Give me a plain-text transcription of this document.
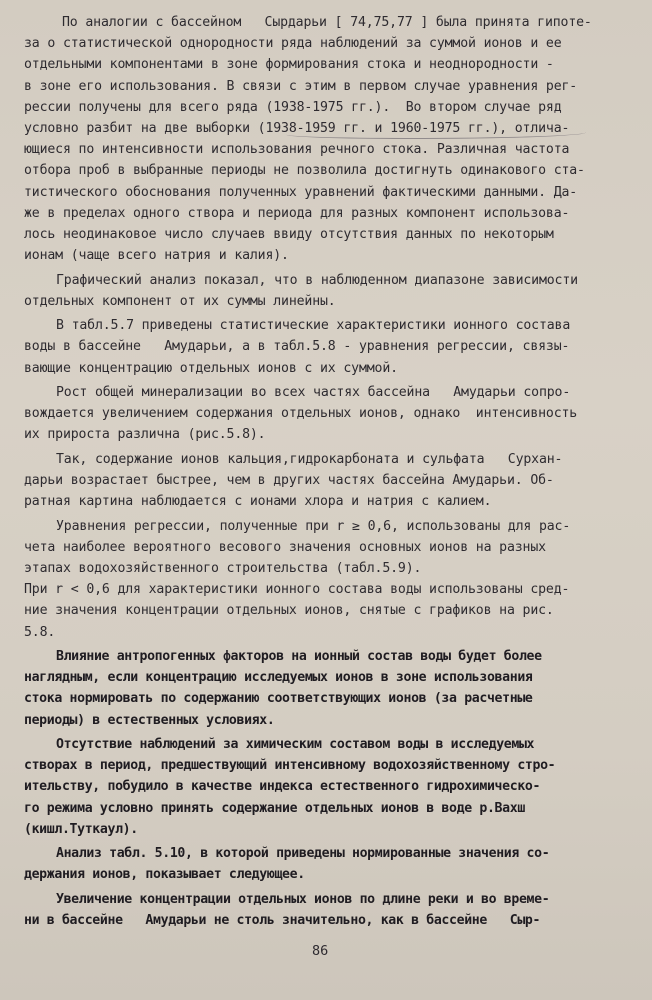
По аналогии с бассейном   Сырдарьи [ 74,75,77 ] была принята гипоте-
за о статистической однородности ряда наблюдений за суммой ионов и ее
отдельными компонентами в зоне формирования стока и неоднородности -
в зоне его использования. В связи с этим в первом случае уравнения рег-
рессии получены для всего ряда (1938-1975 гг.).  Во втором случае ряд
условно разбит на две выборки (1938-1959 гг. и 1960-1975 гг.), отлича-
ющиеся по интенсивности использования речного стока. Различная частота
отбора проб в выбранные периоды не позволила достигнуть одинакового ста-
тистического обоснования полученных уравнений фактическими данными. Да-
же в пределах одного створа и периода для разных компонент использова-
лось неодинаковое число случаев ввиду отсутствия данных по некоторым
ионам (чаще всего натрия и калия).
Графический анализ показал, что в наблюденном диапазоне зависимости
отдельных компонент от их суммы линейны.
В табл.5.7 приведены статистические характеристики ионного состава
воды в бассейне   Амударьи, а в табл.5.8 - уравнения регрессии, связы-
вающие концентрацию отдельных ионов с их суммой.
Рост общей минерализации во всех частях бассейна   Амударьи сопро-
вождается увеличением содержания отдельных ионов, однако  интенсивность
их прироста различна (рис.5.8).
Так, содержание ионов кальция,гидрокарбоната и сульфата   Сурхан-
дарьи возрастает быстрее, чем в других частях бассейна Амударьи. Об-
ратная картина наблюдается с ионами хлора и натрия с калием.
Уравнения регрессии, полученные при r ≥ 0,6, использованы для рас-
чета наиболее вероятного весового значения основных ионов на разных
этапах водохозяйственного строительства (табл.5.9).
При r < 0,6 для характеристики ионного состава воды использованы сред-
ние значения концентрации отдельных ионов, снятые с графиков на рис.
5.8.
Влияние антропогенных факторов на ионный состав воды будет более
наглядным, если концентрацию исследуемых ионов в зоне использования
стока нормировать по содержанию соответствующих ионов (за расчетные
периоды) в естественных условиях.
Отсутствие наблюдений за химическим составом воды в исследуемых
створах в период, предшествующий интенсивному водохозяйственному стро-
ительству, побудило в качестве индекса естественного гидрохимическо-
го режима условно принять содержание отдельных ионов в воде р.Вахш
(кишл.Туткаул).
Анализ табл. 5.10, в которой приведены нормированные значения со-
держания ионов, показывает следующее.
Увеличение концентрации отдельных ионов по длине реки и во време-
ни в бассейне   Амударьи не столь значительно, как в бассейне   Сыр-
86
